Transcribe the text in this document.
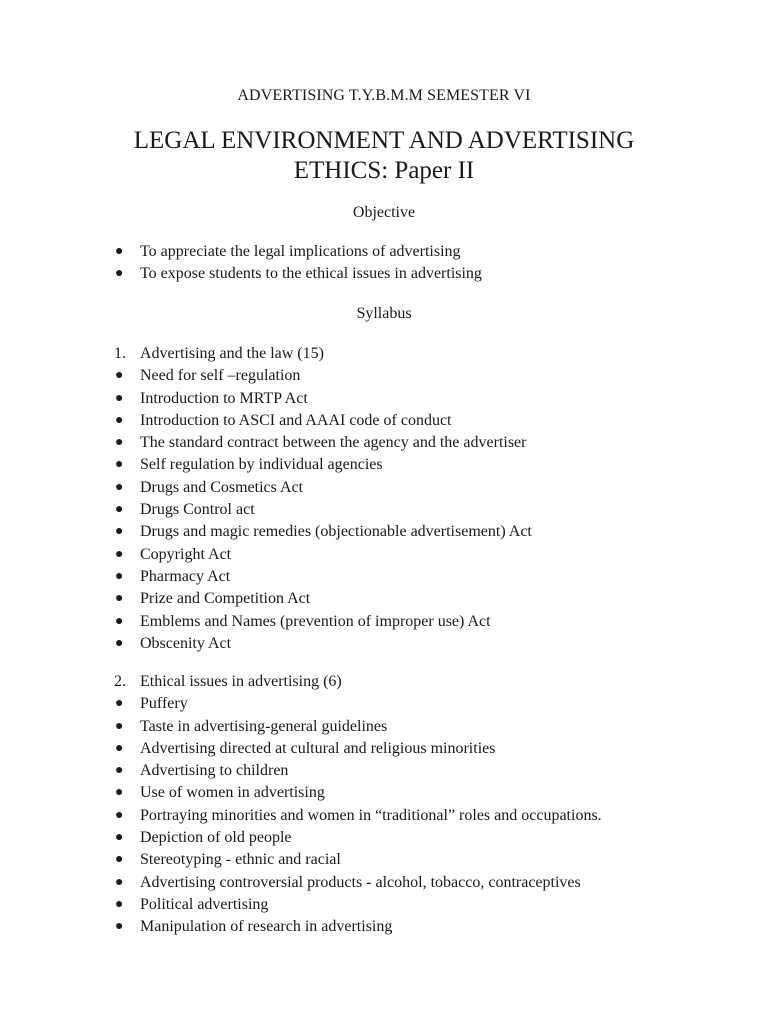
ADVERTISING T.Y.B.M.M SEMESTER VI
LEGAL ENVIRONMENT AND ADVERTISING
ETHICS: Paper II
Objective
● To appreciate the legal implications of advertising
● To expose students to the ethical issues in advertising
Syllabus
1. Advertising and the law (15)
● Need for self –regulation
● Introduction to MRTP Act
● Introduction to ASCI and AAAI code of conduct
● The standard contract between the agency and the advertiser
● Self regulation by individual agencies
● Drugs and Cosmetics Act
● Drugs Control act
● Drugs and magic remedies (objectionable advertisement) Act
● Copyright Act
● Pharmacy Act
● Prize and Competition Act
● Emblems and Names (prevention of improper use) Act
● Obscenity Act
2. Ethical issues in advertising (6)
● Puffery
● Taste in advertising-general guidelines
● Advertising directed at cultural and religious minorities
● Advertising to children
● Use of women in advertising
● Portraying minorities and women in “traditional” roles and occupations.
● Depiction of old people
● Stereotyping - ethnic and racial
● Advertising controversial products - alcohol, tobacco, contraceptives
● Political advertising
● Manipulation of research in advertising
